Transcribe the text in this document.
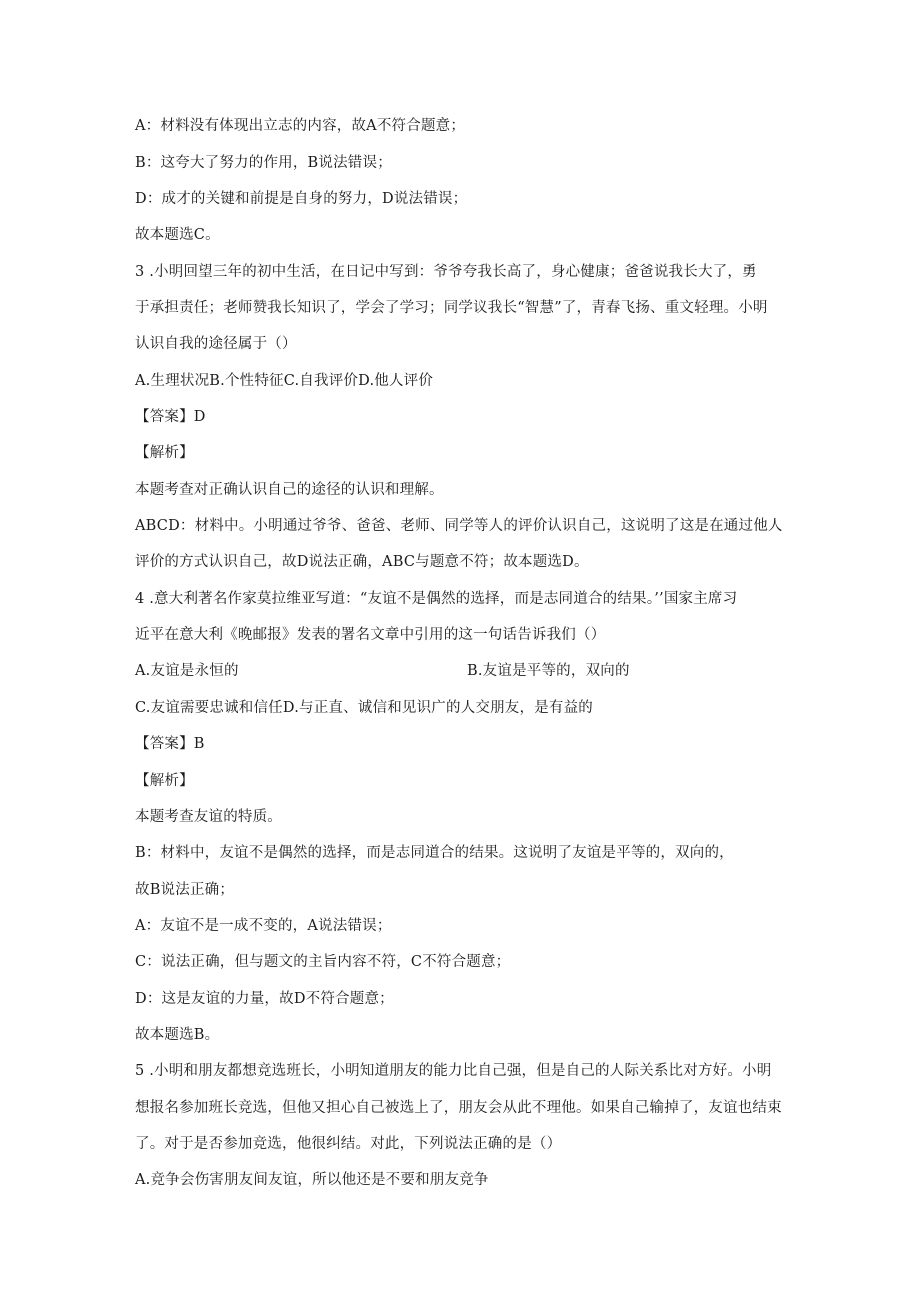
A：材料没有体现出立志的内容，故A不符合题意；
B：这夸大了努力的作用，B说法错误；
D：成才的关键和前提是自身的努力，D说法错误；
故本题选C。
3 .小明回望三年的初中生活，在日记中写到：爷爷夸我长高了，身心健康；爸爸说我长大了，勇
于承担责任；老师赞我长知识了，学会了学习；同学议我长“智慧”了，青春飞扬、重文轻理。小明
认识自我的途径属于（）
A.生理状况B.个性特征C.自我评价D.他人评价
【答案】D
【解析】
本题考查对正确认识自己的途径的认识和理解。
ABCD：材料中。小明通过爷爷、爸爸、老师、同学等人的评价认识自己，这说明了这是在通过他人
评价的方式认识自己，故D说法正确，ABC与题意不符；故本题选D。
4 .意大利著名作家莫拉维亚写道：“友谊不是偶然的选择，而是志同道合的结果。’’国家主席习
近平在意大利《晚邮报》发表的署名文章中引用的这一句话告诉我们（）
A.友谊是永恒的	B.友谊是平等的，双向的
C.友谊需要忠诚和信任D.与正直、诚信和见识广的人交朋友，是有益的
【答案】B
【解析】
本题考查友谊的特质。
B：材料中，友谊不是偶然的选择，而是志同道合的结果。这说明了友谊是平等的，双向的，
故B说法正确；
A：友谊不是一成不变的，A说法错误；
C：说法正确，但与题文的主旨内容不符，C不符合题意；
D：这是友谊的力量，故D不符合题意；
故本题选B。
5 .小明和朋友都想竞选班长，小明知道朋友的能力比自己强，但是自己的人际关系比对方好。小明
想报名参加班长竞选，但他又担心自己被选上了，朋友会从此不理他。如果自己输掉了，友谊也结束
了。对于是否参加竞选，他很纠结。对此，下列说法正确的是（）
A.竞争会伤害朋友间友谊，所以他还是不要和朋友竞争
